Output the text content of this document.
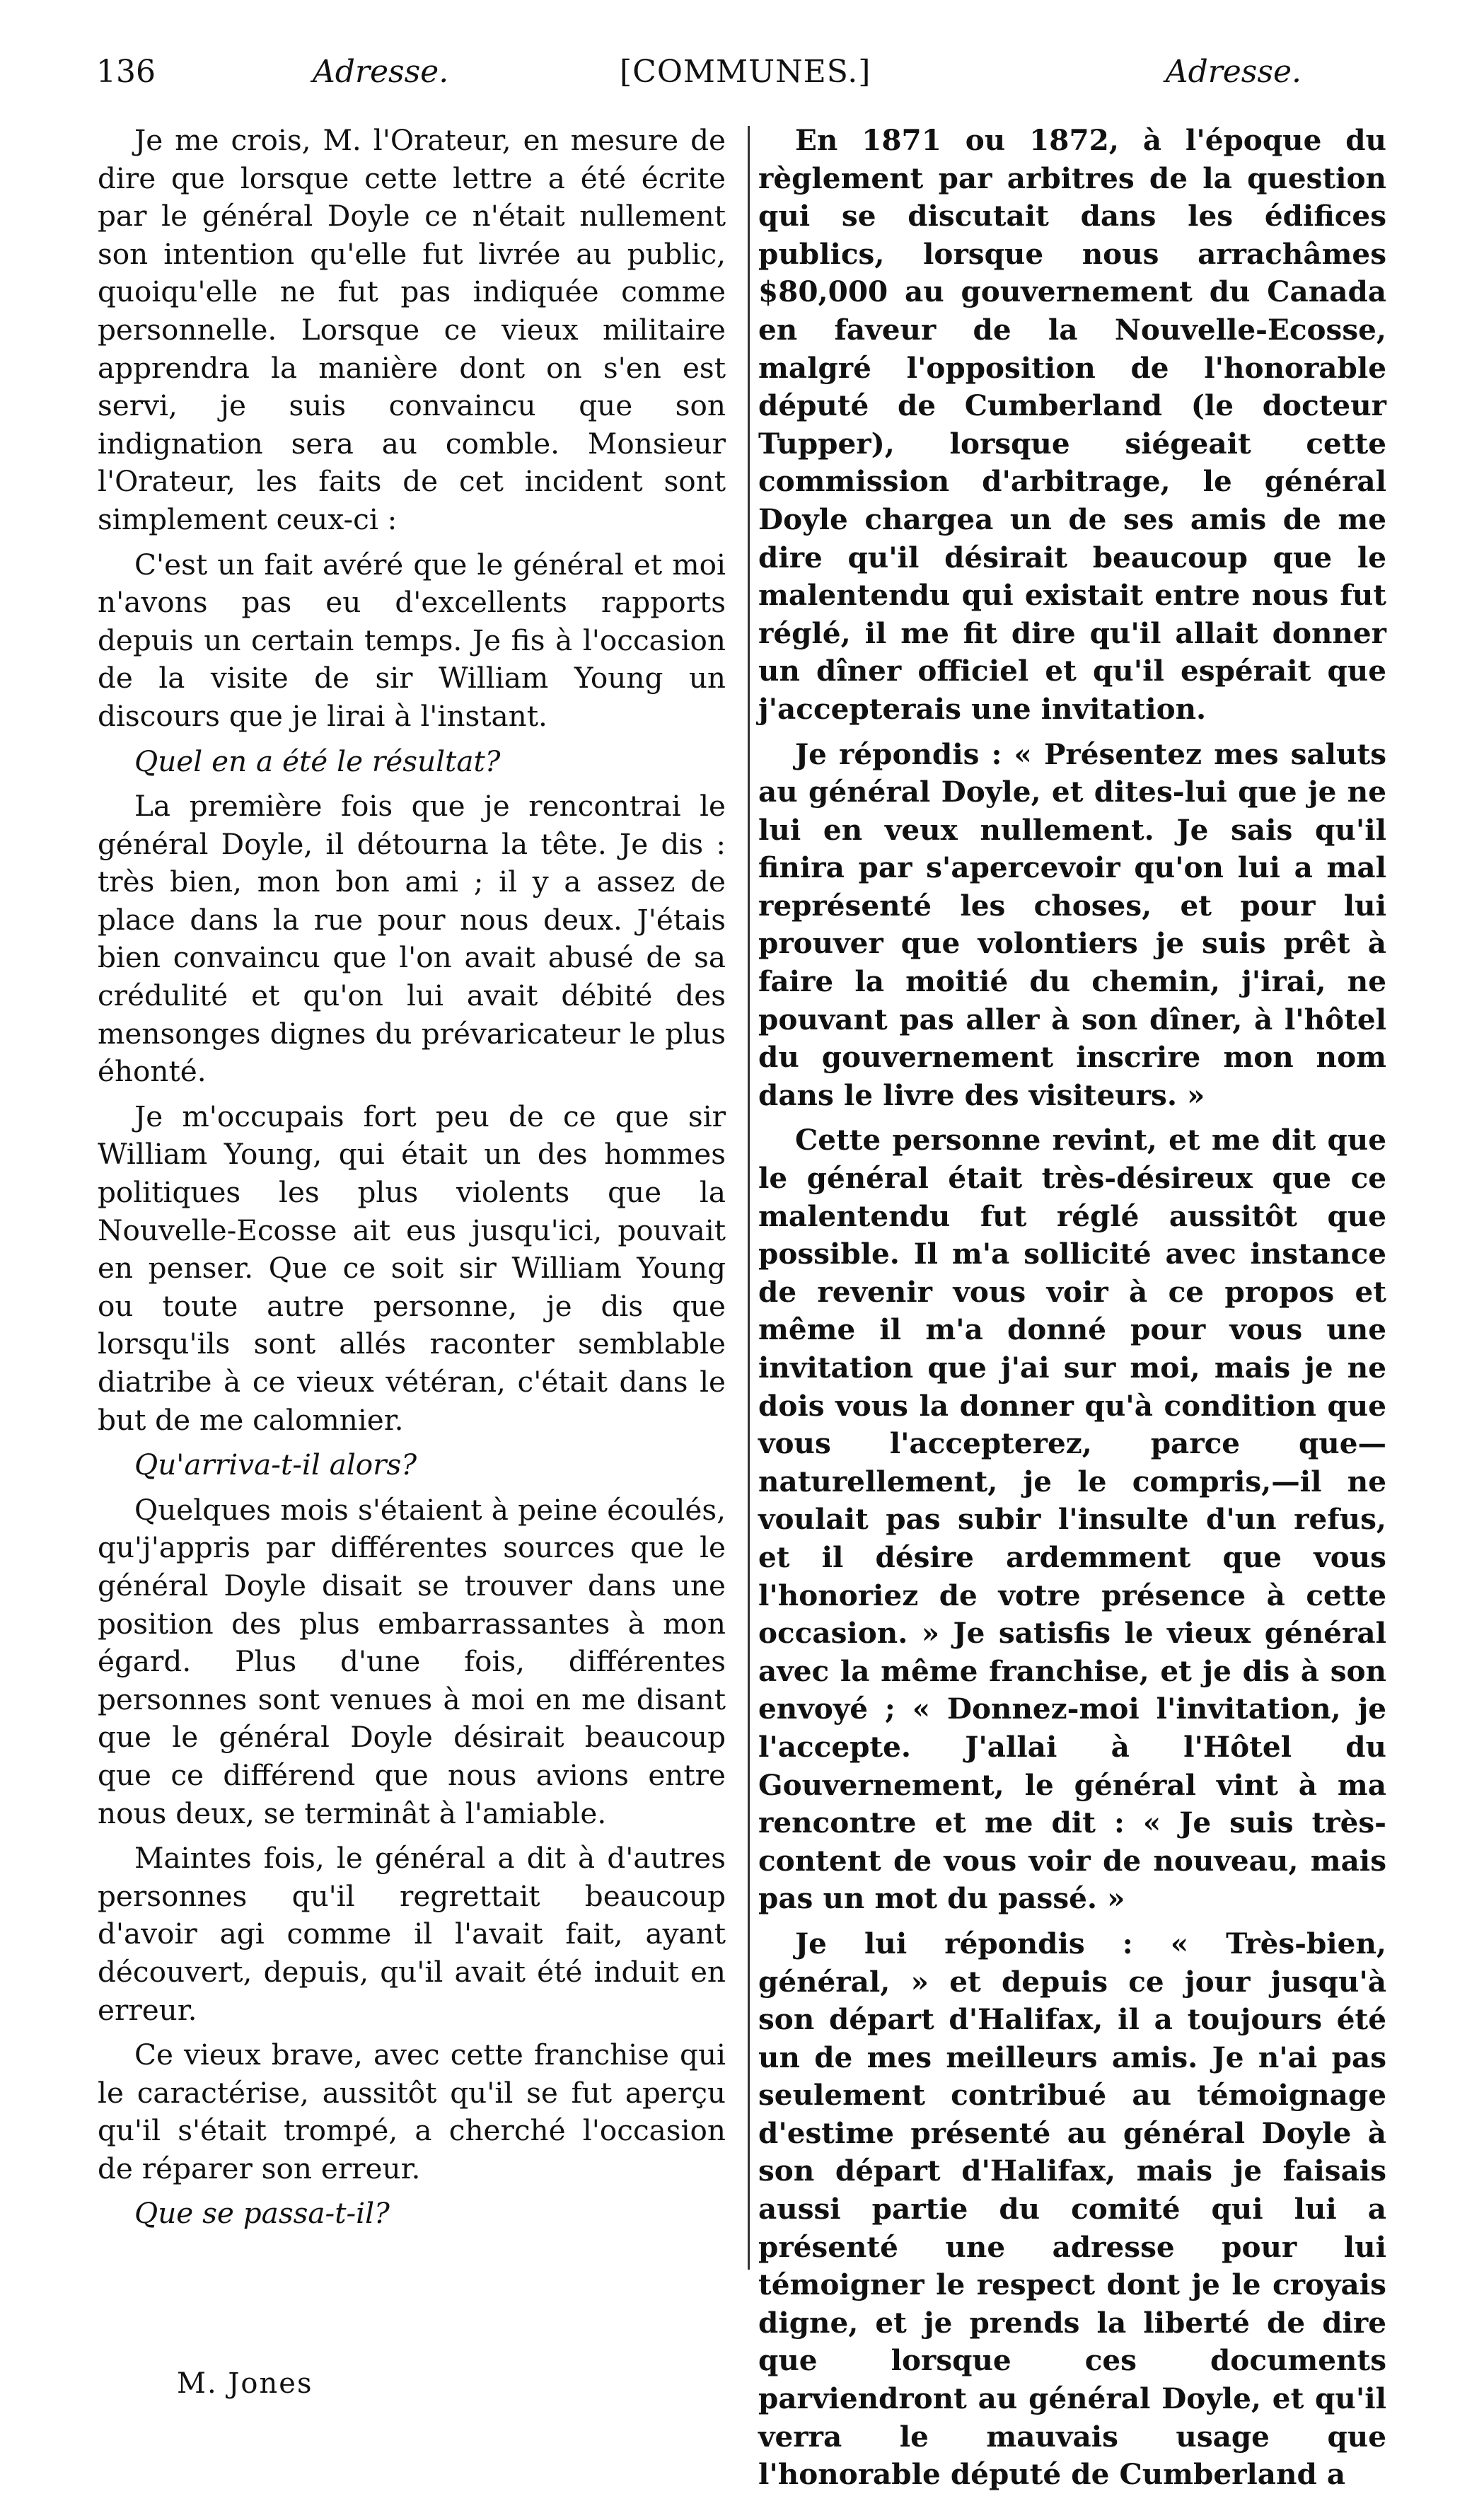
136	Adresse.	[COMMUNES.]	Adresse.

Je me crois, M. l'Orateur, en mesure de dire que lorsque cette lettre a été écrite par le général Doyle ce n'était nullement son intention qu'elle fut livrée au public, quoiqu'elle ne fut pas indiquée comme personnelle. Lorsque ce vieux militaire apprendra la manière dont on s'en est servi, je suis convaincu que son indignation sera au comble. Monsieur l'Orateur, les faits de cet incident sont simplement ceux-ci :

C'est un fait avéré que le général et moi n'avons pas eu d'excellents rapports depuis un certain temps. Je fis à l'occasion de la visite de sir William Young un discours que je lirai à l'instant.

Quel en a été le résultat?

La première fois que je rencontrai le général Doyle, il détourna la tête. Je dis : très bien, mon bon ami ; il y a assez de place dans la rue pour nous deux. J'étais bien convaincu que l'on avait abusé de sa crédulité et qu'on lui avait débité des mensonges dignes du prévaricateur le plus éhonté.

Je m'occupais fort peu de ce que sir William Young, qui était un des hommes politiques les plus violents que la Nouvelle-Ecosse ait eus jusqu'ici, pouvait en penser. Que ce soit sir William Young ou toute autre personne, je dis que lorsqu'ils sont allés raconter semblable diatribe à ce vieux vétéran, c'était dans le but de me calomnier.

Qu'arriva-t-il alors?

Quelques mois s'étaient à peine écoulés, qu'j'appris par différentes sources que le général Doyle disait se trouver dans une position des plus embarrassantes à mon égard. Plus d'une fois, différentes personnes sont venues à moi en me disant que le général Doyle désirait beaucoup que ce différend que nous avions entre nous deux, se terminât à l'amiable.

Maintes fois, le général a dit à d'autres personnes qu'il regrettait beaucoup d'avoir agi comme il l'avait fait, ayant découvert, depuis, qu'il avait été induit en erreur.

Ce vieux brave, avec cette franchise qui le caractérise, aussitôt qu'il se fut aperçu qu'il s'était trompé, a cherché l'occasion de réparer son erreur.

Que se passa-t-il?

En 1871 ou 1872, à l'époque du règlement par arbitres de la question qui se discutait dans les édifices publics, lorsque nous arrachâmes $80,000 au gouvernement du Canada en faveur de la Nouvelle-Ecosse, malgré l'opposition de l'honorable député de Cumberland (le docteur Tupper), lorsque siégeait cette commission d'arbitrage, le général Doyle chargea un de ses amis de me dire qu'il désirait beaucoup que le malentendu qui existait entre nous fut réglé, il me fit dire qu'il allait donner un dîner officiel et qu'il espérait que j'accepterais une invitation.

Je répondis : « Présentez mes saluts au général Doyle, et dites-lui que je ne lui en veux nullement. Je sais qu'il finira par s'apercevoir qu'on lui a mal représenté les choses, et pour lui prouver que volontiers je suis prêt à faire la moitié du chemin, j'irai, ne pouvant pas aller à son dîner, à l'hôtel du gouvernement inscrire mon nom dans le livre des visiteurs. »

Cette personne revint, et me dit que le général était très-désireux que ce malentendu fut réglé aussitôt que possible. Il m'a sollicité avec instance de revenir vous voir à ce propos et même il m'a donné pour vous une invitation que j'ai sur moi, mais je ne dois vous la donner qu'à condition que vous l'accepterez, parce que—naturellement, je le compris,—il ne voulait pas subir l'insulte d'un refus, et il désire ardemment que vous l'honoriez de votre présence à cette occasion. » Je satisfis le vieux général avec la même franchise, et je dis à son envoyé ; « Donnez-moi l'invitation, je l'accepte. J'allai à l'Hôtel du Gouvernement, le général vint à ma rencontre et me dit : « Je suis très-content de vous voir de nouveau, mais pas un mot du passé. »

Je lui répondis : « Très-bien, général, » et depuis ce jour jusqu'à son départ d'Halifax, il a toujours été un de mes meilleurs amis. Je n'ai pas seulement contribué au témoignage d'estime présenté au général Doyle à son départ d'Halifax, mais je faisais aussi partie du comité qui lui a présenté une adresse pour lui témoigner le respect dont je le croyais digne, et je prends la liberté de dire que lorsque ces documents parviendront au général Doyle, et qu'il verra le mauvais usage que l'honorable député de Cumberland a

M. Jones
